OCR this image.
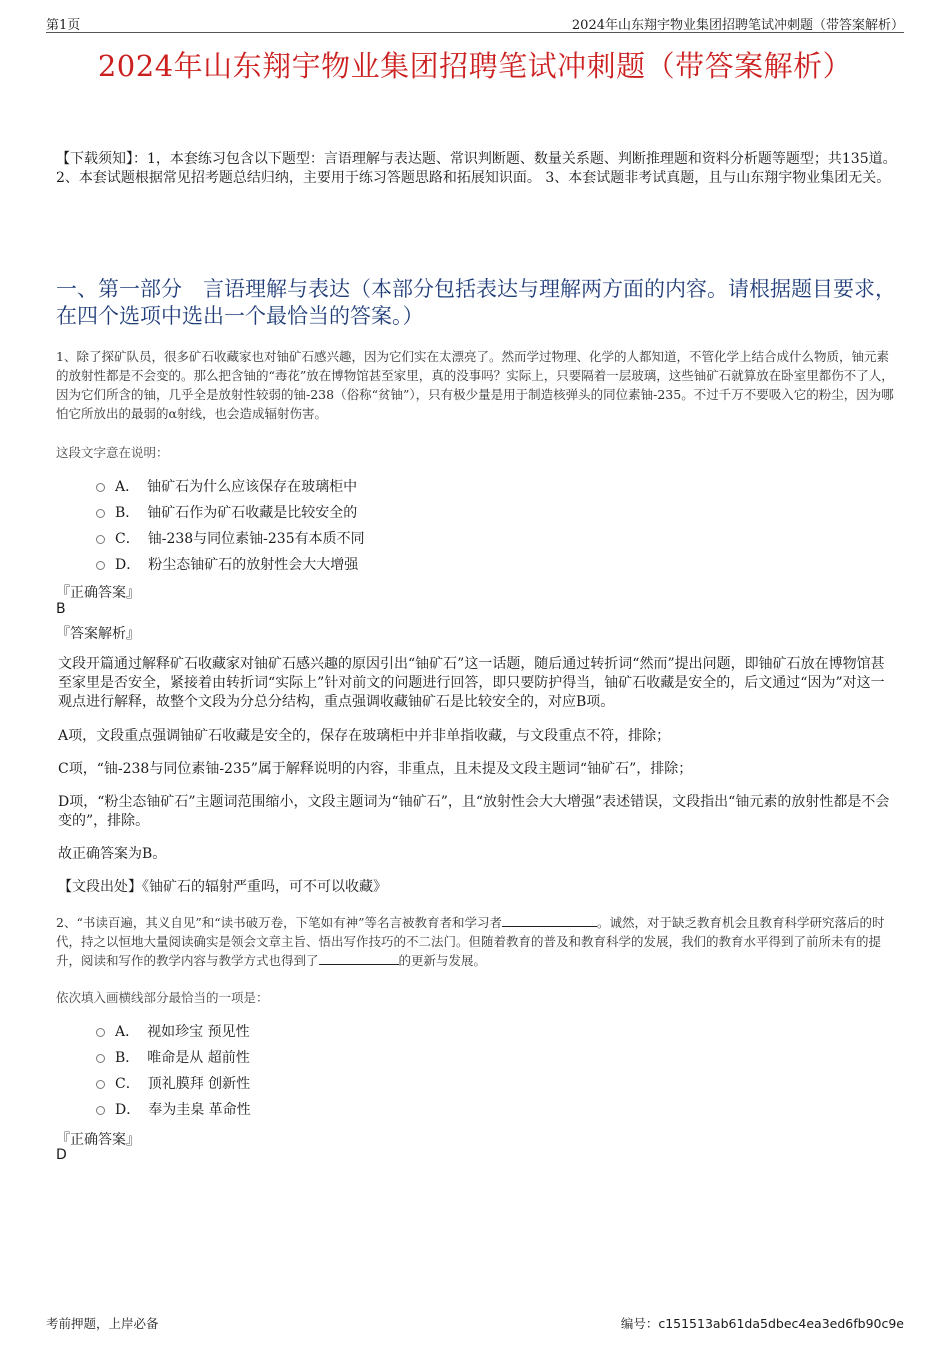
第1页	2024年山东翔宇物业集团招聘笔试冲刺题（带答案解析）
2024年山东翔宇物业集团招聘笔试冲刺题（带答案解析）
【下载须知】：1，本套练习包含以下题型：言语理解与表达题、常识判断题、数量关系题、判断推理题和资料分析题等题型；共135道。 2、本套试题根据常见招考题总结归纳，主要用于练习答题思路和拓展知识面。 3、本套试题非考试真题，且与山东翔宇物业集团无关。
一、第一部分　言语理解与表达（本部分包括表达与理解两方面的内容。请根据题目要求，在四个选项中选出一个最恰当的答案。）
1、除了探矿队员，很多矿石收藏家也对铀矿石感兴趣，因为它们实在太漂亮了。然而学过物理、化学的人都知道，不管化学上结合成什么物质，铀元素的放射性都是不会变的。那么把含铀的“毒花”放在博物馆甚至家里，真的没事吗？实际上，只要隔着一层玻璃，这些铀矿石就算放在卧室里都伤不了人，因为它们所含的铀，几乎全是放射性较弱的铀-238（俗称“贫铀”），只有极少量是用于制造核弹头的同位素铀-235。不过千万不要吸入它的粉尘，因为哪怕它所放出的最弱的α射线，也会造成辐射伤害。
这段文字意在说明：
A． 铀矿石为什么应该保存在玻璃柜中
B． 铀矿石作为矿石收藏是比较安全的
C． 铀-238与同位素铀-235有本质不同
D． 粉尘态铀矿石的放射性会大大增强
『正确答案』
B
『答案解析』
文段开篇通过解释矿石收藏家对铀矿石感兴趣的原因引出“铀矿石”这一话题，随后通过转折词“然而”提出问题，即铀矿石放在博物馆甚至家里是否安全，紧接着由转折词“实际上”针对前文的问题进行回答，即只要防护得当，铀矿石收藏是安全的，后文通过“因为”对这一观点进行解释，故整个文段为分总分结构，重点强调收藏铀矿石是比较安全的，对应B项。
A项，文段重点强调铀矿石收藏是安全的，保存在玻璃柜中并非单指收藏，与文段重点不符，排除；
C项，“铀-238与同位素铀-235”属于解释说明的内容，非重点，且未提及文段主题词“铀矿石”，排除；
D项，“粉尘态铀矿石”主题词范围缩小，文段主题词为“铀矿石”，且“放射性会大大增强”表述错误，文段指出“铀元素的放射性都是不会变的”，排除。
故正确答案为B。
【文段出处】《铀矿石的辐射严重吗，可不可以收藏》
2、“书读百遍，其义自见”和“读书破万卷，下笔如有神”等名言被教育者和学习者	。诚然，对于缺乏教育机会且教育科学研究落后的时代，持之以恒地大量阅读确实是领会文章主旨、悟出写作技巧的不二法门。但随着教育的普及和教育科学的发展，我们的教育水平得到了前所未有的提升，阅读和写作的教学内容与教学方式也得到了	的更新与发展。
依次填入画横线部分最恰当的一项是：
A． 视如珍宝 预见性
B． 唯命是从 超前性
C． 顶礼膜拜 创新性
D． 奉为圭臬 革命性
『正确答案』
D
考前押题，上岸必备	编号：c151513ab61da5dbec4ea3ed6fb90c9e
